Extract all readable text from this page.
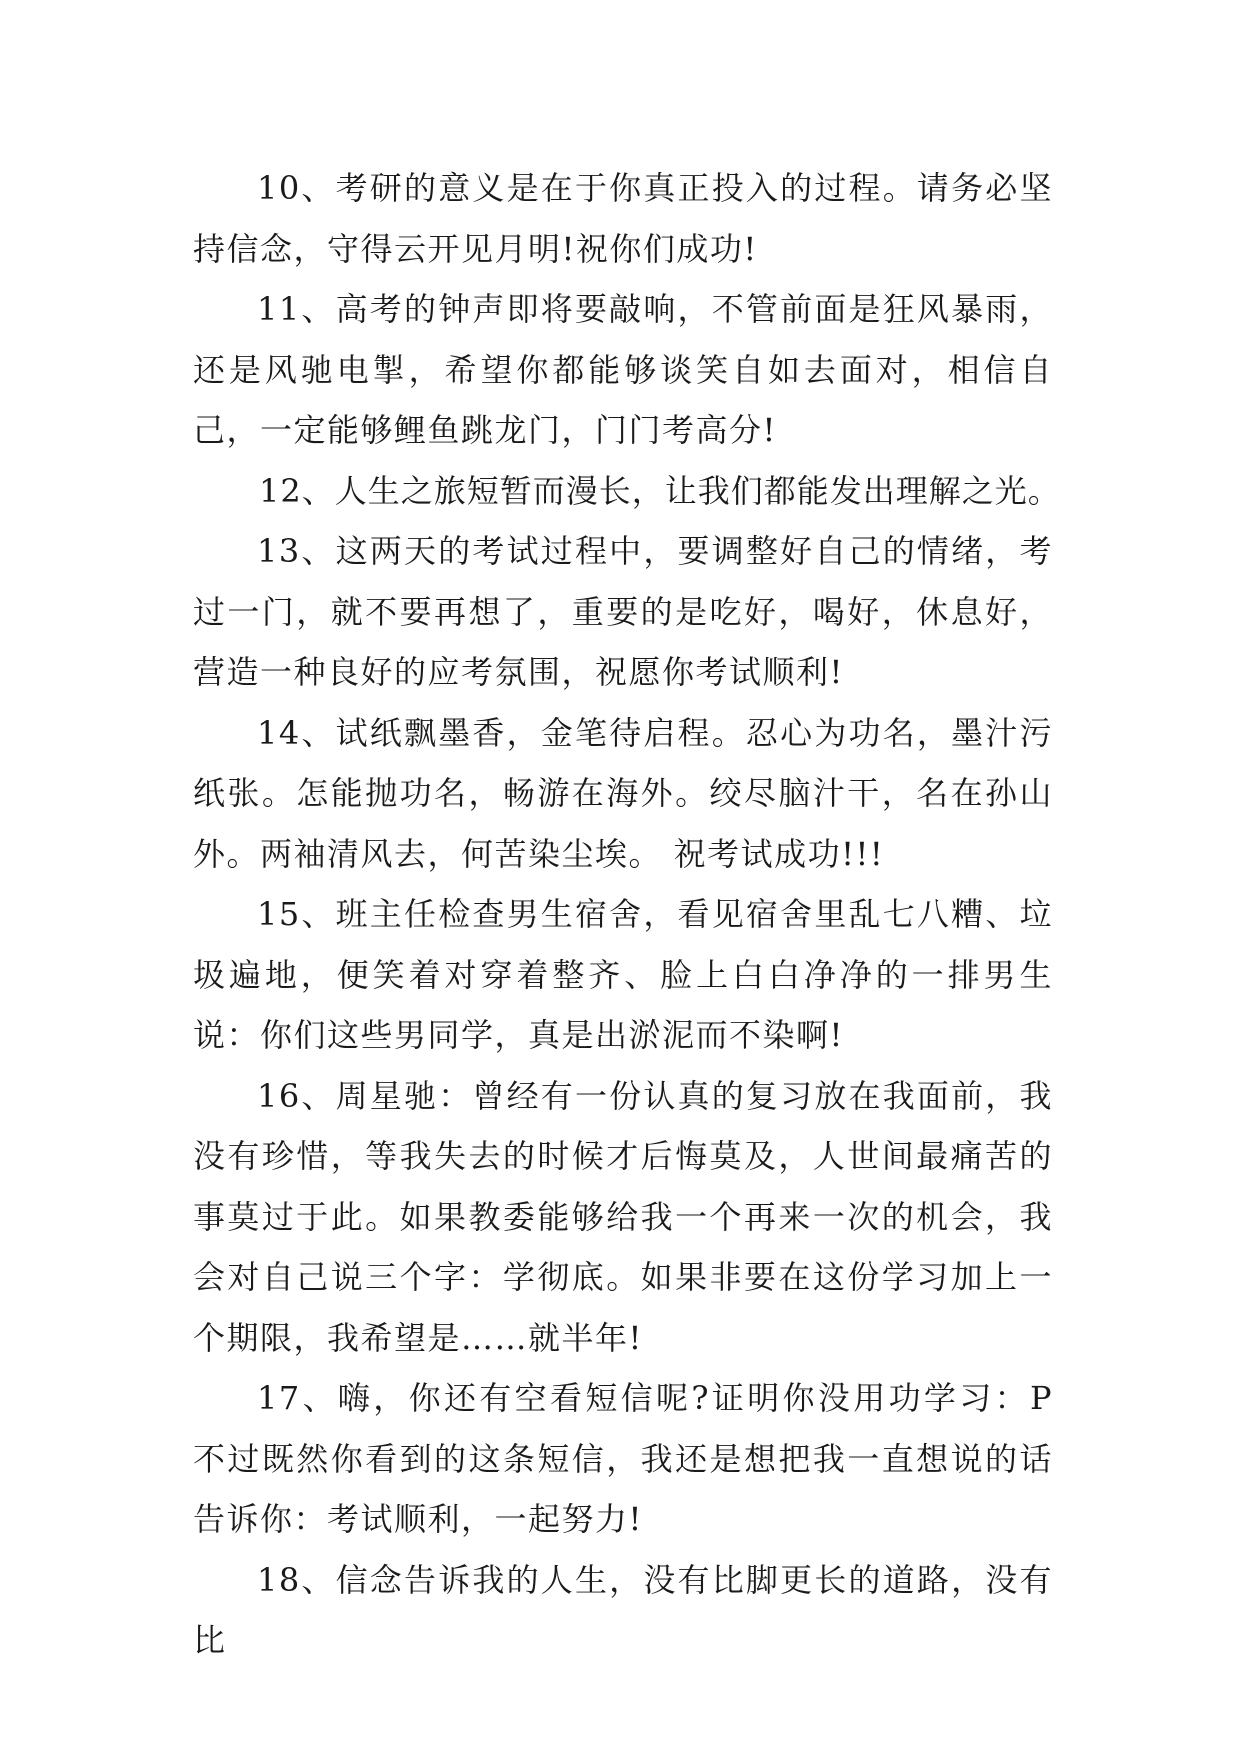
10、考研的意义是在于你真正投入的过程。请务必坚持信念，守得云开见月明!祝你们成功!

11、高考的钟声即将要敲响，不管前面是狂风暴雨，还是风驰电掣，希望你都能够谈笑自如去面对，相信自己，一定能够鲤鱼跳龙门，门门考高分!

12、人生之旅短暂而漫长，让我们都能发出理解之光。

13、这两天的考试过程中，要调整好自己的情绪，考过一门，就不要再想了，重要的是吃好，喝好，休息好，营造一种良好的应考氛围，祝愿你考试顺利!

14、试纸飘墨香，金笔待启程。忍心为功名，墨汁污纸张。怎能抛功名，畅游在海外。绞尽脑汁干，名在孙山外。两袖清风去，何苦染尘埃。 祝考试成功!!!

15、班主任检查男生宿舍，看见宿舍里乱七八糟、垃圾遍地，便笑着对穿着整齐、脸上白白净净的一排男生说：你们这些男同学，真是出淤泥而不染啊!

16、周星驰：曾经有一份认真的复习放在我面前，我没有珍惜，等我失去的时候才后悔莫及，人世间最痛苦的事莫过于此。如果教委能够给我一个再来一次的机会，我会对自己说三个字：学彻底。如果非要在这份学习加上一个期限，我希望是……就半年!

17、嗨，你还有空看短信呢?证明你没用功学习：P 不过既然你看到的这条短信，我还是想把我一直想说的话告诉你：考试顺利，一起努力!

18、信念告诉我的人生，没有比脚更长的道路，没有比
